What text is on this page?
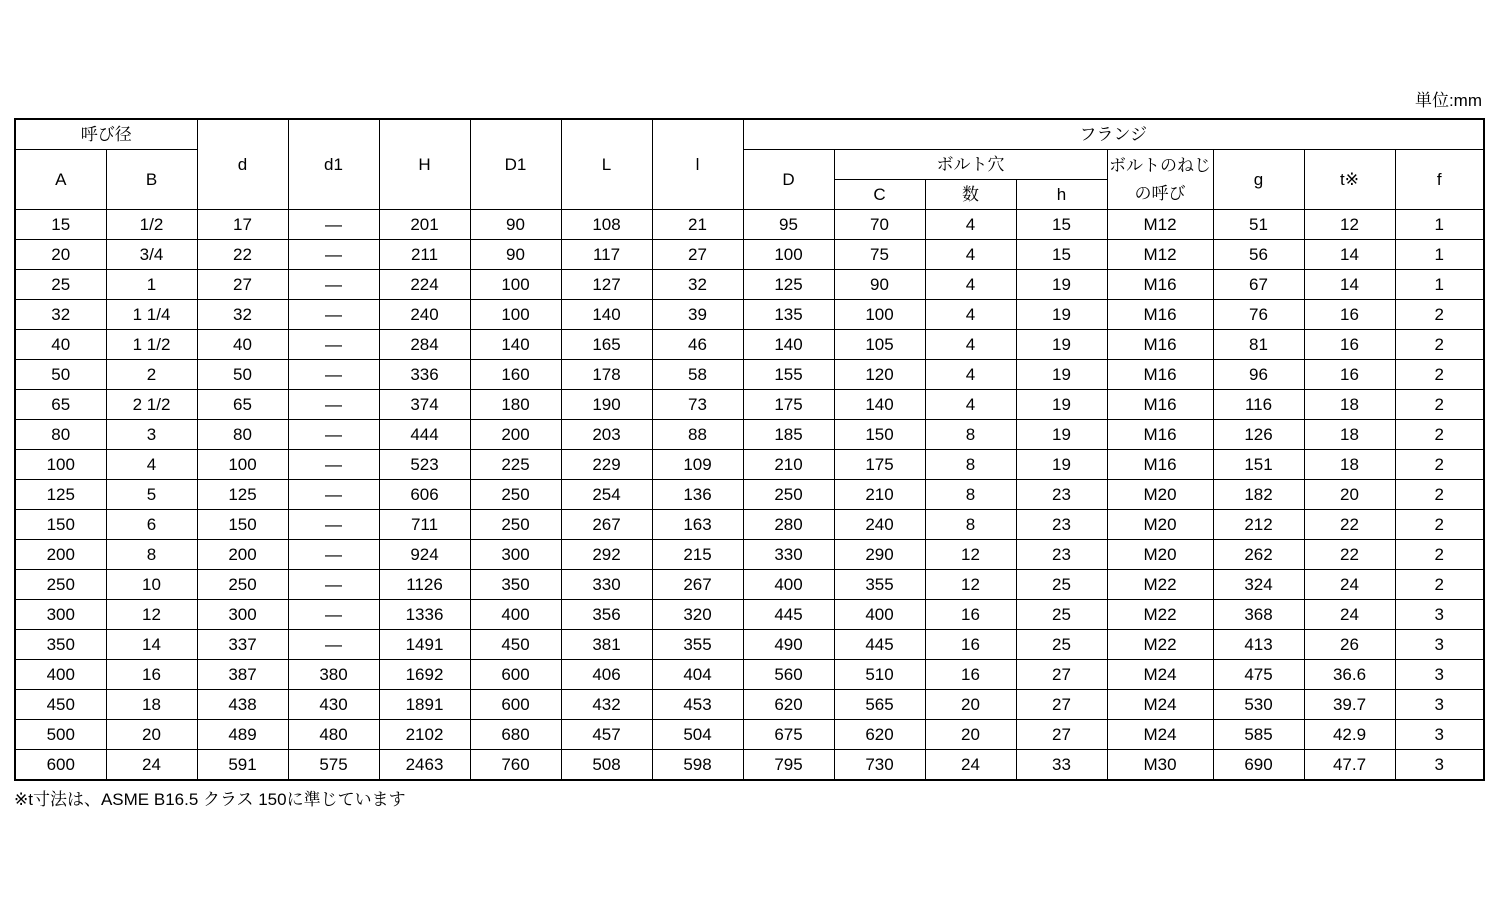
単位:mm
呼び径		d	d1	H	D1	L	l	フランジ							
A	B							D	ボルト穴			ボルトのねじの呼び	g	t※	f
									C	数	h				
15	1/2	17	—	201	90	108	21	95	70	4	15	M12	51	12	1
20	3/4	22	—	211	90	117	27	100	75	4	15	M12	56	14	1
25	1	27	—	224	100	127	32	125	90	4	19	M16	67	14	1
32	1 1/4	32	—	240	100	140	39	135	100	4	19	M16	76	16	2
40	1 1/2	40	—	284	140	165	46	140	105	4	19	M16	81	16	2
50	2	50	—	336	160	178	58	155	120	4	19	M16	96	16	2
65	2 1/2	65	—	374	180	190	73	175	140	4	19	M16	116	18	2
80	3	80	—	444	200	203	88	185	150	8	19	M16	126	18	2
100	4	100	—	523	225	229	109	210	175	8	19	M16	151	18	2
125	5	125	—	606	250	254	136	250	210	8	23	M20	182	20	2
150	6	150	—	711	250	267	163	280	240	8	23	M20	212	22	2
200	8	200	—	924	300	292	215	330	290	12	23	M20	262	22	2
250	10	250	—	1126	350	330	267	400	355	12	25	M22	324	24	2
300	12	300	—	1336	400	356	320	445	400	16	25	M22	368	24	3
350	14	337	—	1491	450	381	355	490	445	16	25	M22	413	26	3
400	16	387	380	1692	600	406	404	560	510	16	27	M24	475	36.6	3
450	18	438	430	1891	600	432	453	620	565	20	27	M24	530	39.7	3
500	20	489	480	2102	680	457	504	675	620	20	27	M24	585	42.9	3
600	24	591	575	2463	760	508	598	795	730	24	33	M30	690	47.7	3
※t寸法は、ASME B16.5 クラス 150に準じています
